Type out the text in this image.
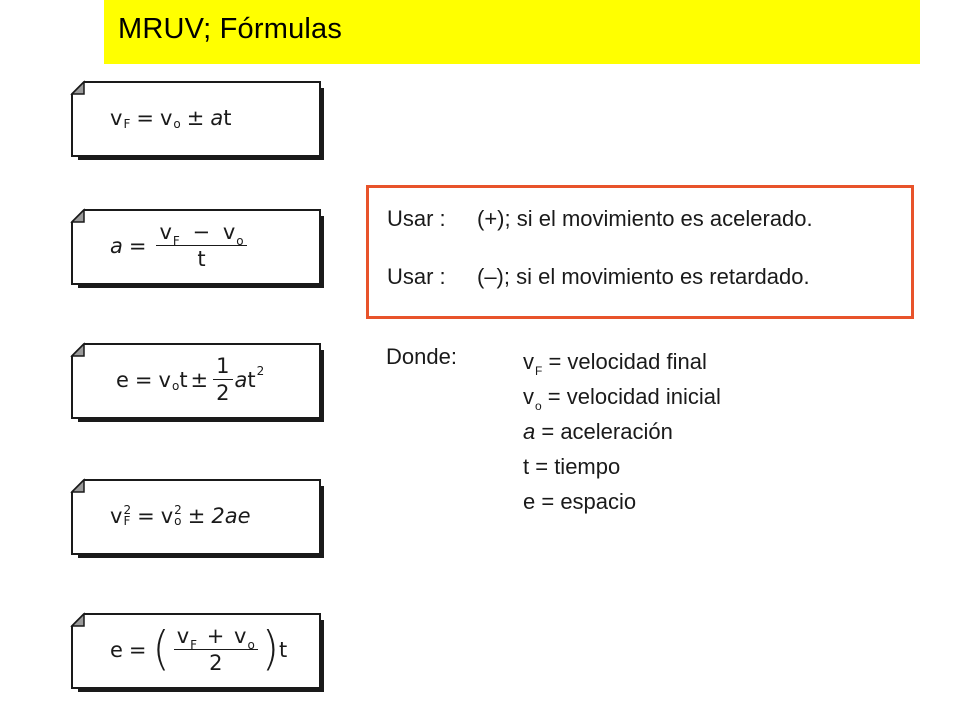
MRUV; Fórmulas
v F = v o ± a t
$a = \frac{v_F - v_o}{t}$
e = v o $t \pm \frac{1}{2}$ a t 2
v 2
F = v 2
o ± 2ae
e = ( $\frac{v_F + v_o}{2}$ ) t
Usar : (+); si el movimiento es acelerado.
Usar : (–); si el movimiento es retardado.
Donde:	$v_F$ = velocidad final
$v_o$ = velocidad inicial
a = aceleración
t = tiempo
e = espacio
